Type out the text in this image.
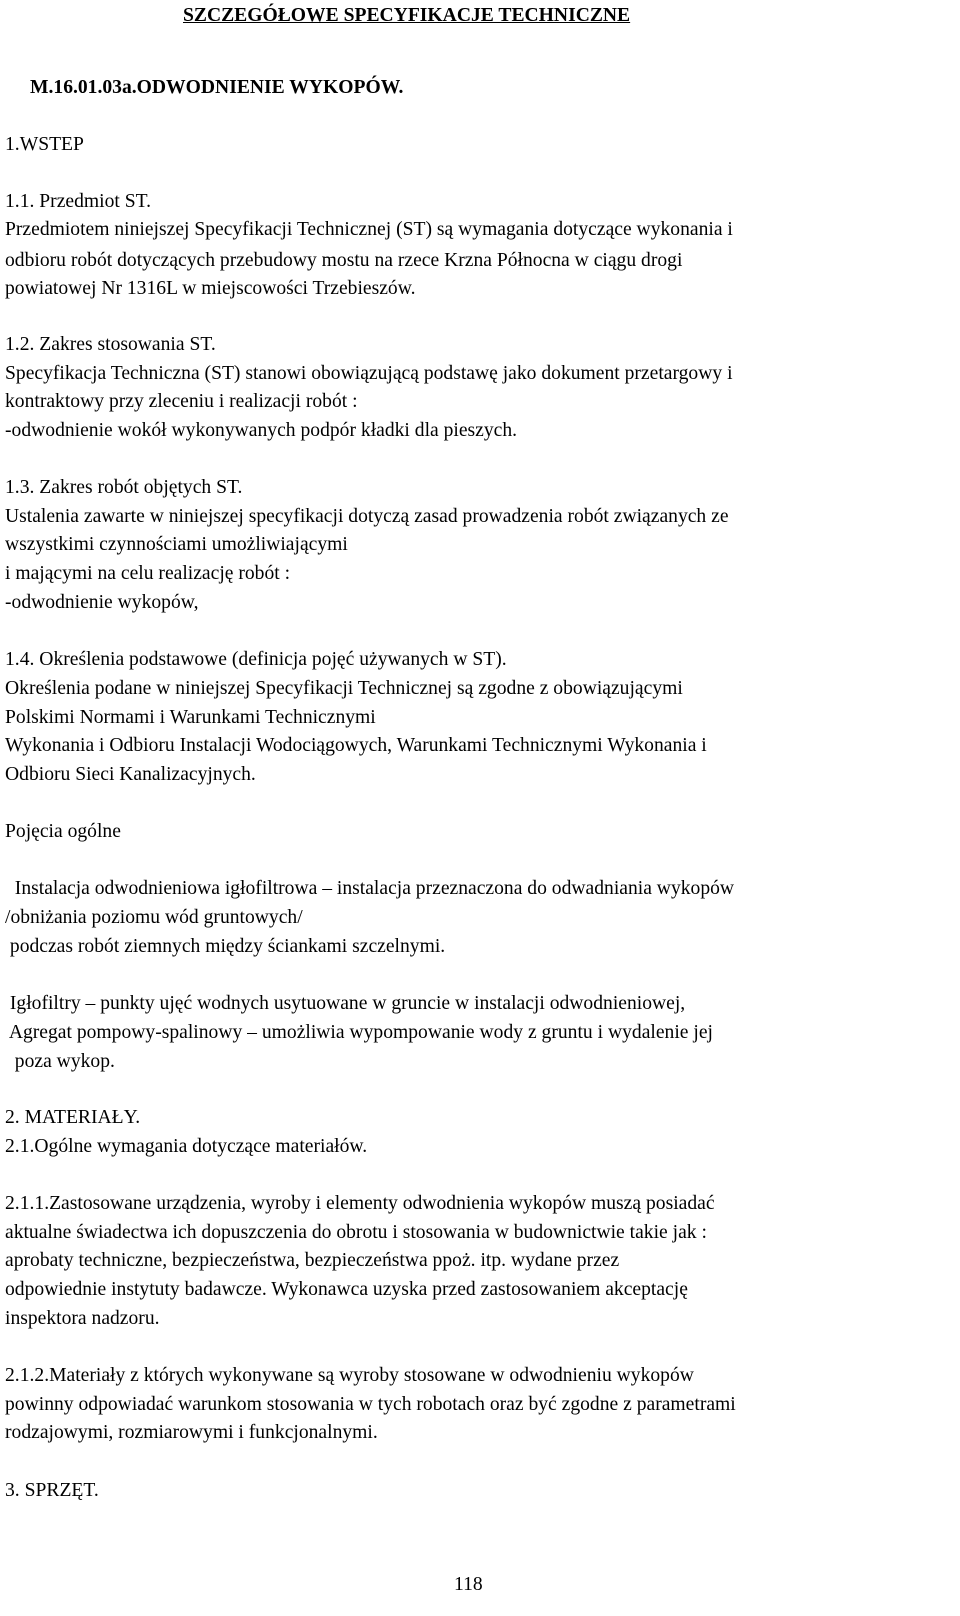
SZCZEGÓŁOWE SPECYFIKACJE TECHNICZNE
M.16.01.03a.ODWODNIENIE WYKOPÓW.
1.WSTEP
1.1. Przedmiot ST.
Przedmiotem niniejszej Specyfikacji Technicznej (ST) są wymagania dotyczące wykonania i
odbioru robót dotyczących przebudowy mostu na rzece Krzna Północna w ciągu drogi
powiatowej Nr 1316L w miejscowości Trzebieszów.
1.2. Zakres stosowania ST.
Specyfikacja Techniczna (ST) stanowi obowiązującą podstawę jako dokument przetargowy i
kontraktowy przy zleceniu i realizacji robót :
-odwodnienie wokół wykonywanych podpór kładki dla pieszych.
1.3. Zakres robót objętych ST.
Ustalenia zawarte w niniejszej specyfikacji dotyczą zasad prowadzenia robót związanych ze
wszystkimi czynnościami umożliwiającymi
i mającymi na celu realizację robót :
-odwodnienie wykopów,
1.4. Określenia podstawowe (definicja pojęć używanych w ST).
Określenia podane w niniejszej Specyfikacji Technicznej są zgodne z obowiązującymi
Polskimi Normami i Warunkami Technicznymi
Wykonania i Odbioru Instalacji Wodociągowych, Warunkami Technicznymi Wykonania i
Odbioru Sieci Kanalizacyjnych.
Pojęcia ogólne
Instalacja odwodnieniowa igłofiltrowa – instalacja przeznaczona do odwadniania wykopów
/obniżania poziomu wód gruntowych/
podczas robót ziemnych między ściankami szczelnymi.
Igłofiltry – punkty ujęć wodnych usytuowane w gruncie w instalacji odwodnieniowej,
Agregat pompowy-spalinowy – umożliwia wypompowanie wody z gruntu i wydalenie jej
poza wykop.
2. MATERIAŁY.
2.1.Ogólne wymagania dotyczące materiałów.
2.1.1.Zastosowane urządzenia, wyroby i elementy odwodnienia wykopów muszą posiadać
aktualne świadectwa ich dopuszczenia do obrotu i stosowania w budownictwie takie jak :
aprobaty techniczne, bezpieczeństwa, bezpieczeństwa ppoż. itp. wydane przez
odpowiednie instytuty badawcze. Wykonawca uzyska przed zastosowaniem akceptację
inspektora nadzoru.
2.1.2.Materiały z których wykonywane są wyroby stosowane w odwodnieniu wykopów
powinny odpowiadać warunkom stosowania w tych robotach oraz być zgodne z parametrami
rodzajowymi, rozmiarowymi i funkcjonalnymi.
3. SPRZĘT.
118
